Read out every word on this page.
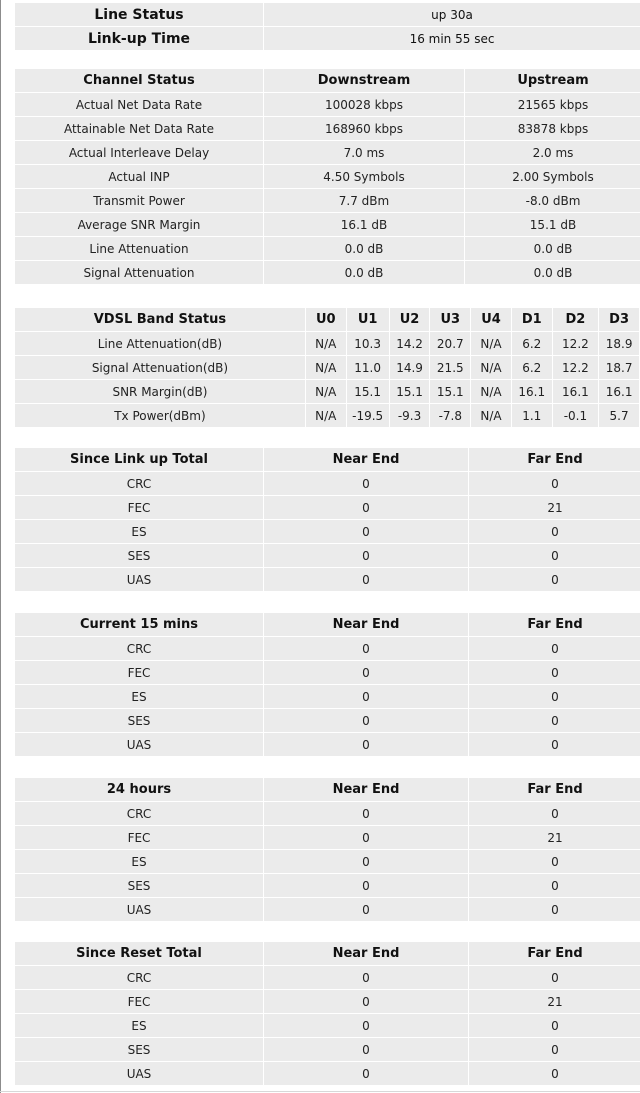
Line Status	up 30a
Link-up Time	16 min 55 sec
Channel Status	Downstream	Upstream
Actual Net Data Rate	100028 kbps	21565 kbps
Attainable Net Data Rate	168960 kbps	83878 kbps
Actual Interleave Delay	7.0 ms	2.0 ms
Actual INP	4.50 Symbols	2.00 Symbols
Transmit Power	7.7 dBm	-8.0 dBm
Average SNR Margin	16.1 dB	15.1 dB
Line Attenuation	0.0 dB	0.0 dB
Signal Attenuation	0.0 dB	0.0 dB
VDSL Band Status	U0	U1	U2	U3	U4	D1	D2	D3
Line Attenuation(dB)	N/A	10.3	14.2	20.7	N/A	6.2	12.2	18.9
Signal Attenuation(dB)	N/A	11.0	14.9	21.5	N/A	6.2	12.2	18.7
SNR Margin(dB)	N/A	15.1	15.1	15.1	N/A	16.1	16.1	16.1
Tx Power(dBm)	N/A	-19.5	-9.3	-7.8	N/A	1.1	-0.1	5.7
Since Link up Total	Near End	Far End
CRC	0	0
FEC	0	21
ES	0	0
SES	0	0
UAS	0	0
Current 15 mins	Near End	Far End
CRC	0	0
FEC	0	0
ES	0	0
SES	0	0
UAS	0	0
24 hours	Near End	Far End
CRC	0	0
FEC	0	21
ES	0	0
SES	0	0
UAS	0	0
Since Reset Total	Near End	Far End
CRC	0	0
FEC	0	21
ES	0	0
SES	0	0
UAS	0	0
